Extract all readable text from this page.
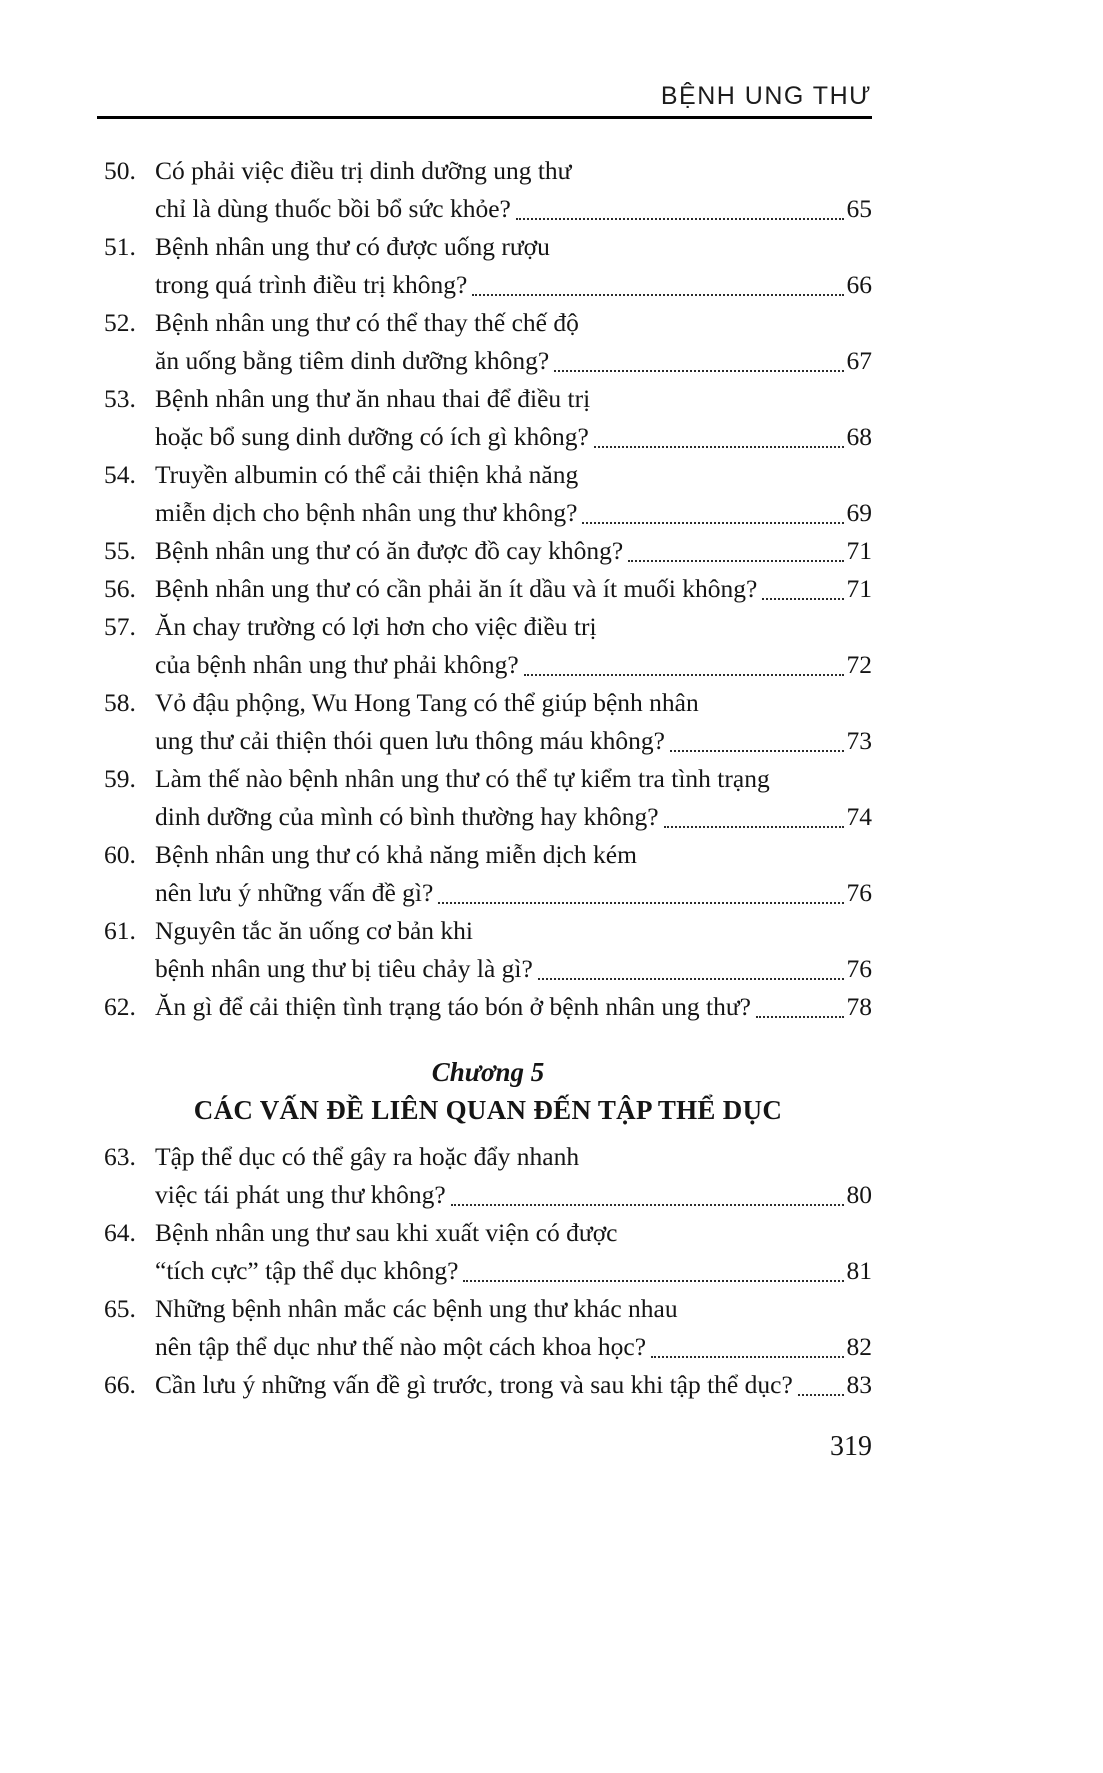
BỆNH UNG THƯ
50. Có phải việc điều trị dinh dưỡng ung thư
chỉ là dùng thuốc bồi bổ sức khỏe?	65
51. Bệnh nhân ung thư có được uống rượu
trong quá trình điều trị không?	66
52. Bệnh nhân ung thư có thể thay thế chế độ
ăn uống bằng tiêm dinh dưỡng không?	67
53. Bệnh nhân ung thư ăn nhau thai để điều trị
hoặc bổ sung dinh dưỡng có ích gì không?	68
54. Truyền albumin có thể cải thiện khả năng
miễn dịch cho bệnh nhân ung thư không?	69
55. Bệnh nhân ung thư có ăn được đồ cay không?	71
56. Bệnh nhân ung thư có cần phải ăn ít dầu và ít muối không?	71
57. Ăn chay trường có lợi hơn cho việc điều trị
của bệnh nhân ung thư phải không?	72
58. Vỏ đậu phộng, Wu Hong Tang có thể giúp bệnh nhân
ung thư cải thiện thói quen lưu thông máu không?	73
59. Làm thế nào bệnh nhân ung thư có thể tự kiểm tra tình trạng
dinh dưỡng của mình có bình thường hay không?	74
60. Bệnh nhân ung thư có khả năng miễn dịch kém
nên lưu ý những vấn đề gì?	76
61. Nguyên tắc ăn uống cơ bản khi
bệnh nhân ung thư bị tiêu chảy là gì?	76
62. Ăn gì để cải thiện tình trạng táo bón ở bệnh nhân ung thư?	78
Chương 5
CÁC VẤN ĐỀ LIÊN QUAN ĐẾN TẬP THỂ DỤC
63. Tập thể dục có thể gây ra hoặc đẩy nhanh
việc tái phát ung thư không?	80
64. Bệnh nhân ung thư sau khi xuất viện có được
“tích cực” tập thể dục không?	81
65. Những bệnh nhân mắc các bệnh ung thư khác nhau
nên tập thể dục như thế nào một cách khoa học?	82
66. Cần lưu ý những vấn đề gì trước, trong và sau khi tập thể dục? 83
319
